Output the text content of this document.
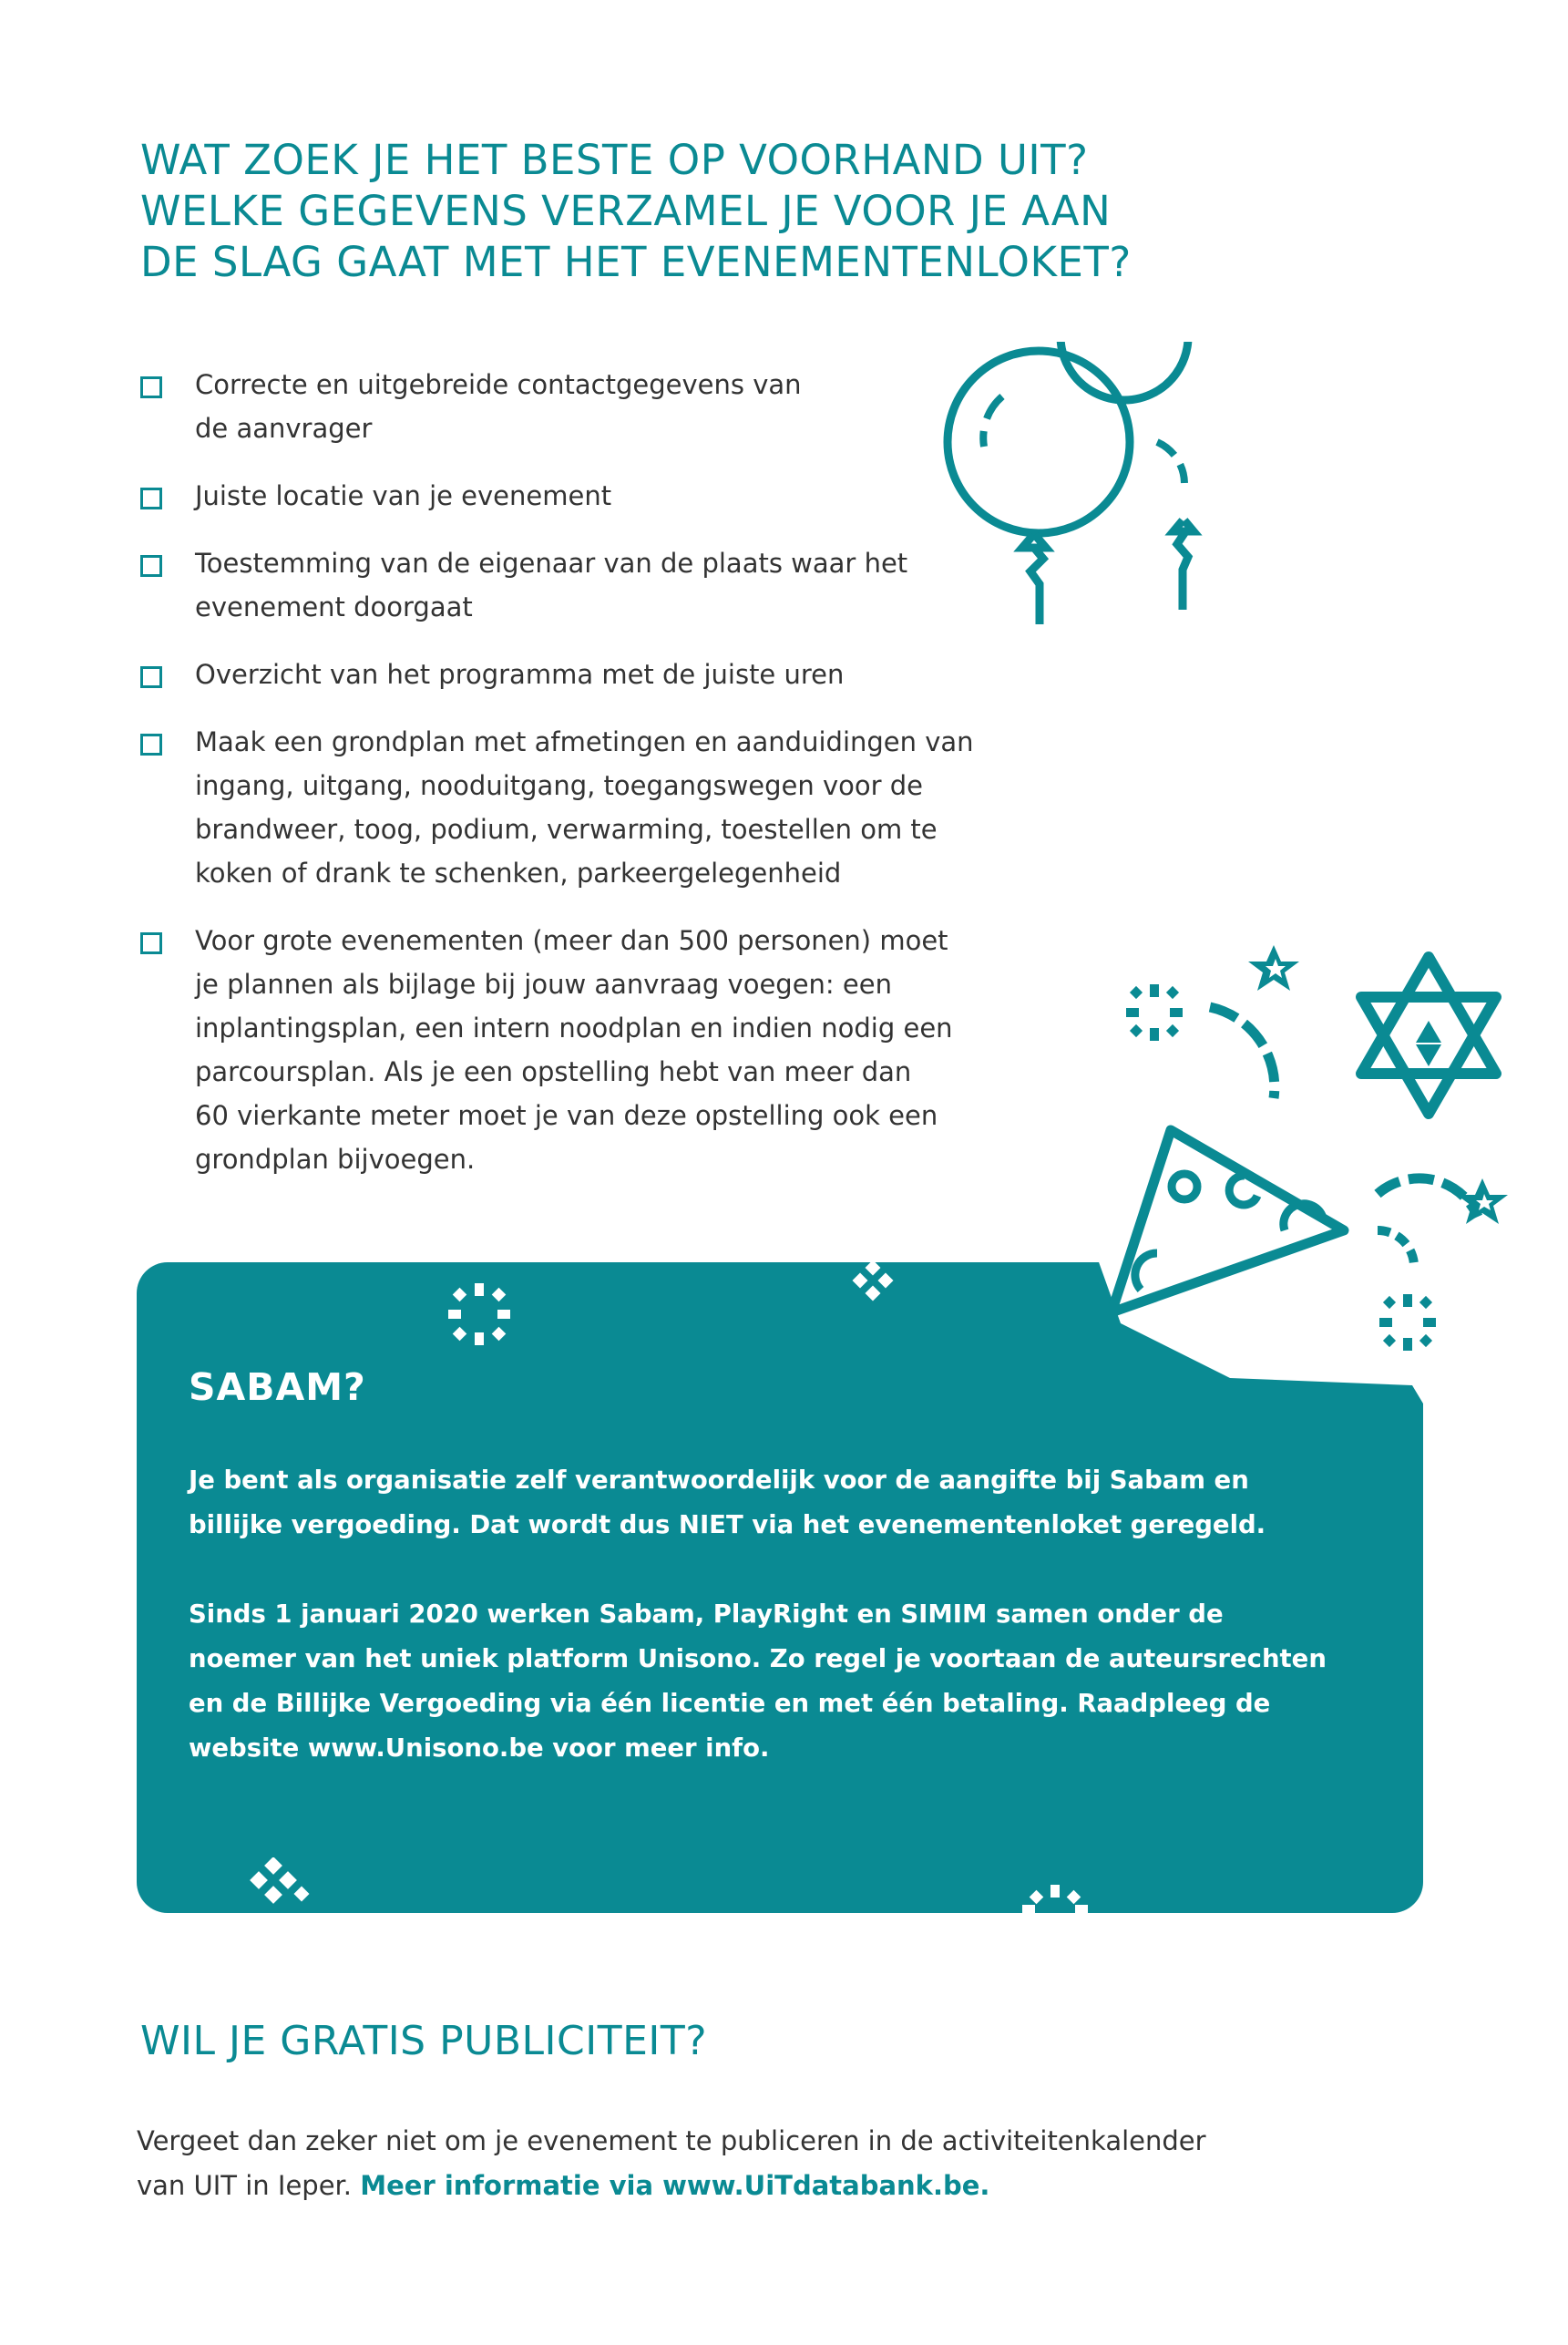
WAT ZOEK JE HET BESTE OP VOORHAND UIT?
WELKE GEGEVENS VERZAMEL JE VOOR JE AAN
DE SLAG GAAT MET HET EVENEMENTENLOKET?
Correcte en uitgebreide contactgegevens van
de aanvrager
Juiste locatie van je evenement
Toestemming van de eigenaar van de plaats waar het
evenement doorgaat
Overzicht van het programma met de juiste uren
Maak een grondplan met afmetingen en aanduidingen van
ingang, uitgang, nooduitgang, toegangswegen voor de
brandweer, toog, podium, verwarming, toestellen om te
koken of drank te schenken, parkeergelegenheid
Voor grote evenementen (meer dan 500 personen) moet
je plannen als bijlage bij jouw aanvraag voegen: een
inplantingsplan, een intern noodplan en indien nodig een
parcoursplan. Als je een opstelling hebt van meer dan
60 vierkante meter moet je van deze opstelling ook een
grondplan bijvoegen.
SABAM?

Je bent als organisatie zelf verantwoordelijk voor de aangifte bij Sabam en
billijke vergoeding. Dat wordt dus NIET via het evenementenloket geregeld.

Sinds 1 januari 2020 werken Sabam, PlayRight en SIMIM samen onder de
noemer van het uniek platform Unisono. Zo regel je voortaan de auteursrechten
en de Billijke Vergoeding via één licentie en met één betaling. Raadpleeg de
website www.Unisono.be voor meer info.

WIL JE GRATIS PUBLICITEIT?
Vergeet dan zeker niet om je evenement te publiceren in de activiteitenkalender
van UIT in Ieper. Meer informatie via www.UiTdatabank.be.
